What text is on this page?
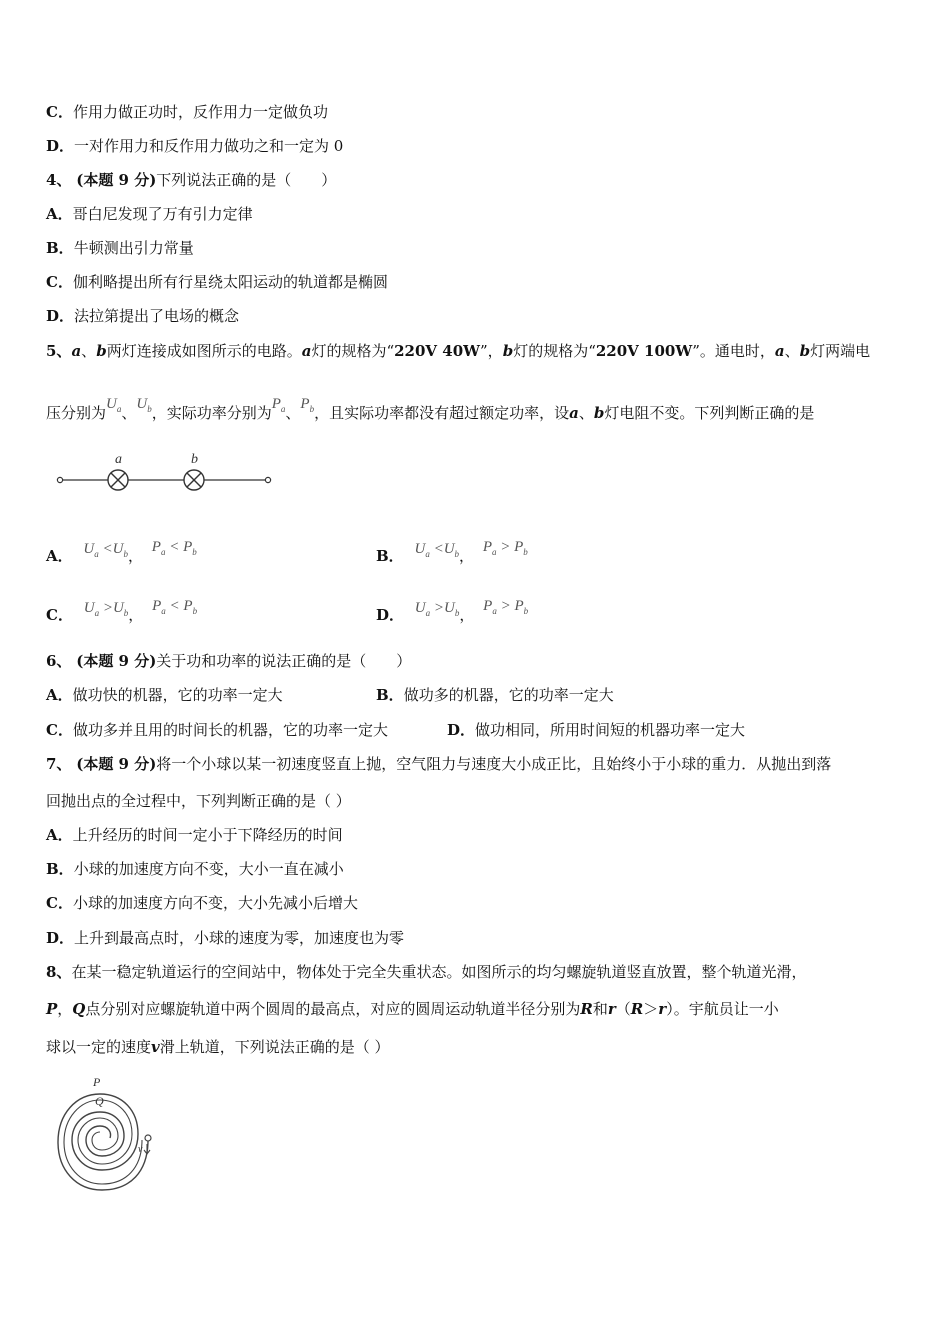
C．作用力做正功时，反作用力一定做负功
D．一对作用力和反作用力做功之和一定为 0
4、 (本题 9 分)下列说法正确的是（　　）
A．哥白尼发现了万有引力定律
B．牛顿测出引力常量
C．伽利略提出所有行星绕太阳运动的轨道都是椭圆
D．法拉第提出了电场的概念
5、a、b两灯连接成如图所示的电路。a灯的规格为“220V 40W”，b灯的规格为“220V 100W”。通电时，a、b灯两端电
压分别为$U_a$、$U_b$，实际功率分别为$P_a$、$P_b$，且实际功率都没有超过额定功率，设a、b灯电阻不变。下列判断正确的是
a	b
A． $U_a <U_b$， $P_a < P_b$	B． $U_a <U_b$， $P_a > P_b$
C． $U_a >U_b$， $P_a < P_b$	D． $U_a >U_b$， $P_a > P_b$
6、 (本题 9 分)关于功和功率的说法正确的是（　　）
A．做功快的机器，它的功率一定大	B．做功多的机器，它的功率一定大
C．做功多并且用的时间长的机器，它的功率一定大	D．做功相同，所用时间短的机器功率一定大
7、 (本题 9 分)将一个小球以某一初速度竖直上抛，空气阻力与速度大小成正比，且始终小于小球的重力．从抛出到落
回抛出点的全过程中，下列判断正确的是（ ）
A．上升经历的时间一定小于下降经历的时间
B．小球的加速度方向不变，大小一直在减小
C．小球的加速度方向不变，大小先减小后增大
D．上升到最高点时，小球的速度为零，加速度也为零
8、在某一稳定轨道运行的空间站中，物体处于完全失重状态。如图所示的均匀螺旋轨道竖直放置，整个轨道光滑，
P，Q点分别对应螺旋轨道中两个圆周的最高点，对应的圆周运动轨道半径分别为R和r（R＞r）。宇航员让一小
球以一定的速度v滑上轨道，下列说法正确的是（ ）
P
Q
v
